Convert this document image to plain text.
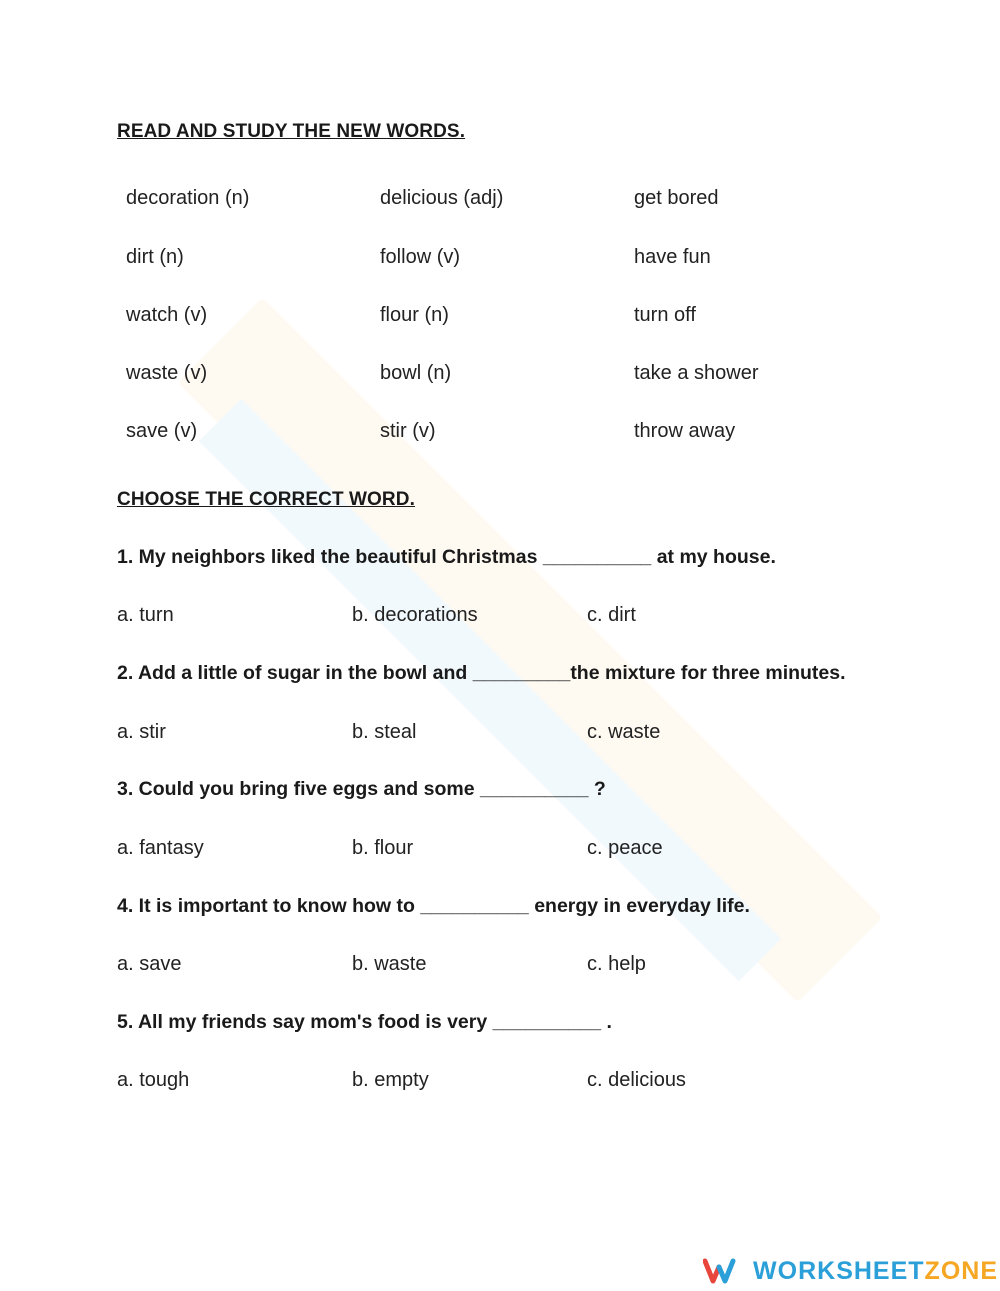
READ AND STUDY THE NEW WORDS.
decoration (n)	delicious (adj)	get bored
dirt (n)	follow (v)	have fun
watch (v)	flour (n)	turn off
waste (v)	bowl (n)	take a shower
save (v)	stir (v)	throw away
CHOOSE THE CORRECT WORD.

1. My neighbors liked the beautiful Christmas __________ at my house.

a. turn	b. decorations	c. dirt

2. Add a little of sugar in the bowl and _________the mixture for three minutes.

a. stir	b. steal	c. waste

3. Could you bring five eggs and some __________ ?

a. fantasy	b. flour	c. peace

4. It is important to know how to __________ energy in everyday life.

a. save	b. waste	c. help

5. All my friends say mom's food is very __________ .

a. tough	b. empty	c. delicious
WORKSHEETZONE
